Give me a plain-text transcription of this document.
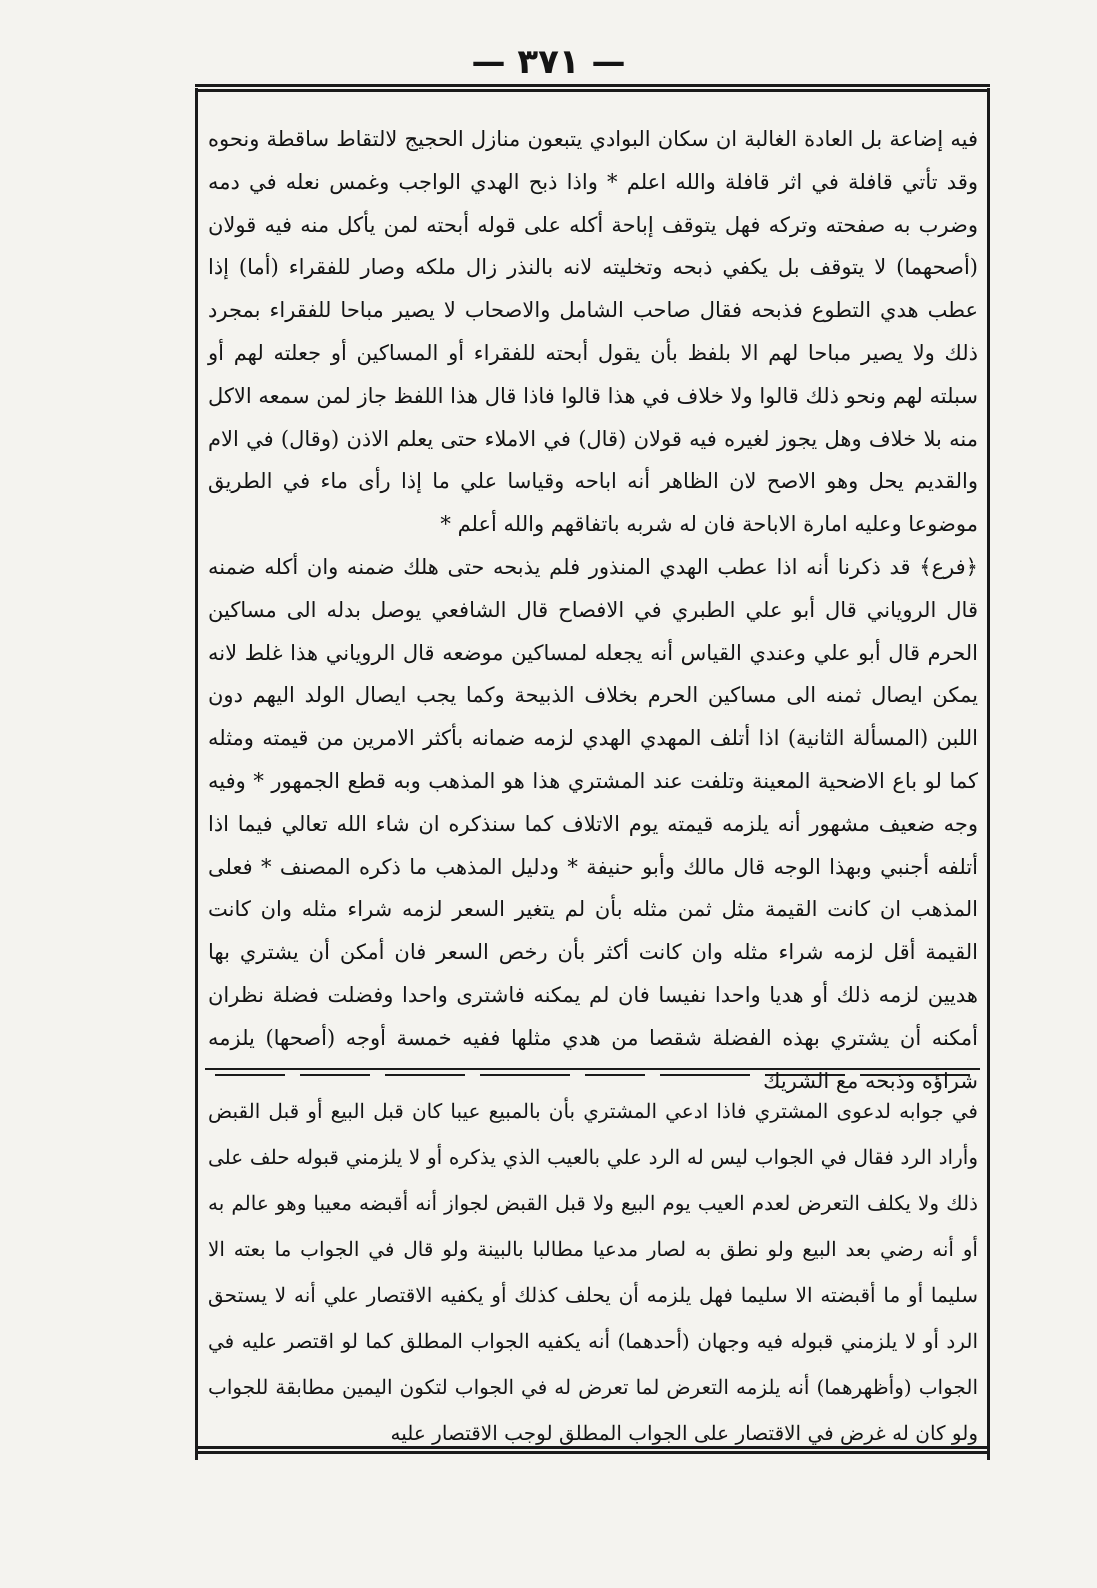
— ٣٧١ —

فيه إضاعة بل العادة الغالبة ان سكان البوادي يتبعون منازل الحجيج لالتقاط ساقطة ونحوه وقد تأتي قافلة في اثر قافلة والله اعلم * واذا ذبح الهدي الواجب وغمس نعله في دمه وضرب به صفحته وتركه فهل يتوقف إباحة أكله على قوله أبحته لمن يأكل منه فيه قولان (أصحهما) لا يتوقف بل يكفي ذبحه وتخليته لانه بالنذر زال ملكه وصار للفقراء (أما) إذا عطب هدي التطوع فذبحه فقال صاحب الشامل والاصحاب لا يصير مباحا للفقراء بمجرد ذلك ولا يصير مباحا لهم الا بلفظ بأن يقول أبحته للفقراء أو المساكين أو جعلته لهم أو سبلته لهم ونحو ذلك قالوا ولا خلاف في هذا قالوا فاذا قال هذا اللفظ جاز لمن سمعه الاكل منه بلا خلاف وهل يجوز لغيره فيه قولان (قال) في الاملاء حتى يعلم الاذن (وقال) في الام والقديم يحل وهو الاصح لان الظاهر أنه اباحه وقياسا علي ما إذا رأى ماء في الطريق موضوعا وعليه امارة الاباحة فان له شربه باتفاقهم والله أعلم *

﴿فرع﴾ قد ذكرنا أنه اذا عطب الهدي المنذور فلم يذبحه حتى هلك ضمنه وان أكله ضمنه قال الروياني قال أبو علي الطبري في الافصاح قال الشافعي يوصل بدله الى مساكين الحرم قال أبو علي وعندي القياس أنه يجعله لمساكين موضعه قال الروياني هذا غلط لانه يمكن ايصال ثمنه الى مساكين الحرم بخلاف الذبيحة وكما يجب ايصال الولد اليهم دون اللبن (المسألة الثانية) اذا أتلف المهدي الهدي لزمه ضمانه بأكثر الامرين من قيمته ومثله كما لو باع الاضحية المعينة وتلفت عند المشتري هذا هو المذهب وبه قطع الجمهور * وفيه وجه ضعيف مشهور أنه يلزمه قيمته يوم الاتلاف كما سنذكره ان شاء الله تعالي فيما اذا أتلفه أجنبي وبهذا الوجه قال مالك وأبو حنيفة * ودليل المذهب ما ذكره المصنف * فعلى المذهب ان كانت القيمة مثل ثمن مثله بأن لم يتغير السعر لزمه شراء مثله وان كانت القيمة أقل لزمه شراء مثله وان كانت أكثر بأن رخص السعر فان أمكن أن يشتري بها هديين لزمه ذلك أو هديا واحدا نفيسا فان لم يمكنه فاشترى واحدا وفضلت فضلة نظران أمكنه أن يشتري بهذه الفضلة شقصا من هدي مثلها ففيه خمسة أوجه (أصحها) يلزمه شراؤه وذبحه مع الشريك

في جوابه لدعوى المشتري فاذا ادعي المشتري بأن بالمبيع عيبا كان قبل البيع أو قبل القبض وأراد الرد فقال في الجواب ليس له الرد علي بالعيب الذي يذكره أو لا يلزمني قبوله حلف على ذلك ولا يكلف التعرض لعدم العيب يوم البيع ولا قبل القبض لجواز أنه أقبضه معيبا وهو عالم به أو أنه رضي بعد البيع ولو نطق به لصار مدعيا مطالبا بالبينة ولو قال في الجواب ما بعته الا سليما أو ما أقبضته الا سليما فهل يلزمه أن يحلف كذلك أو يكفيه الاقتصار علي أنه لا يستحق الرد أو لا يلزمني قبوله فيه وجهان (أحدهما) أنه يكفيه الجواب المطلق كما لو اقتصر عليه في الجواب (وأظهرهما) أنه يلزمه التعرض لما تعرض له في الجواب لتكون اليمين مطابقة للجواب ولو كان له غرض في الاقتصار على الجواب المطلق لوجب الاقتصار عليه
